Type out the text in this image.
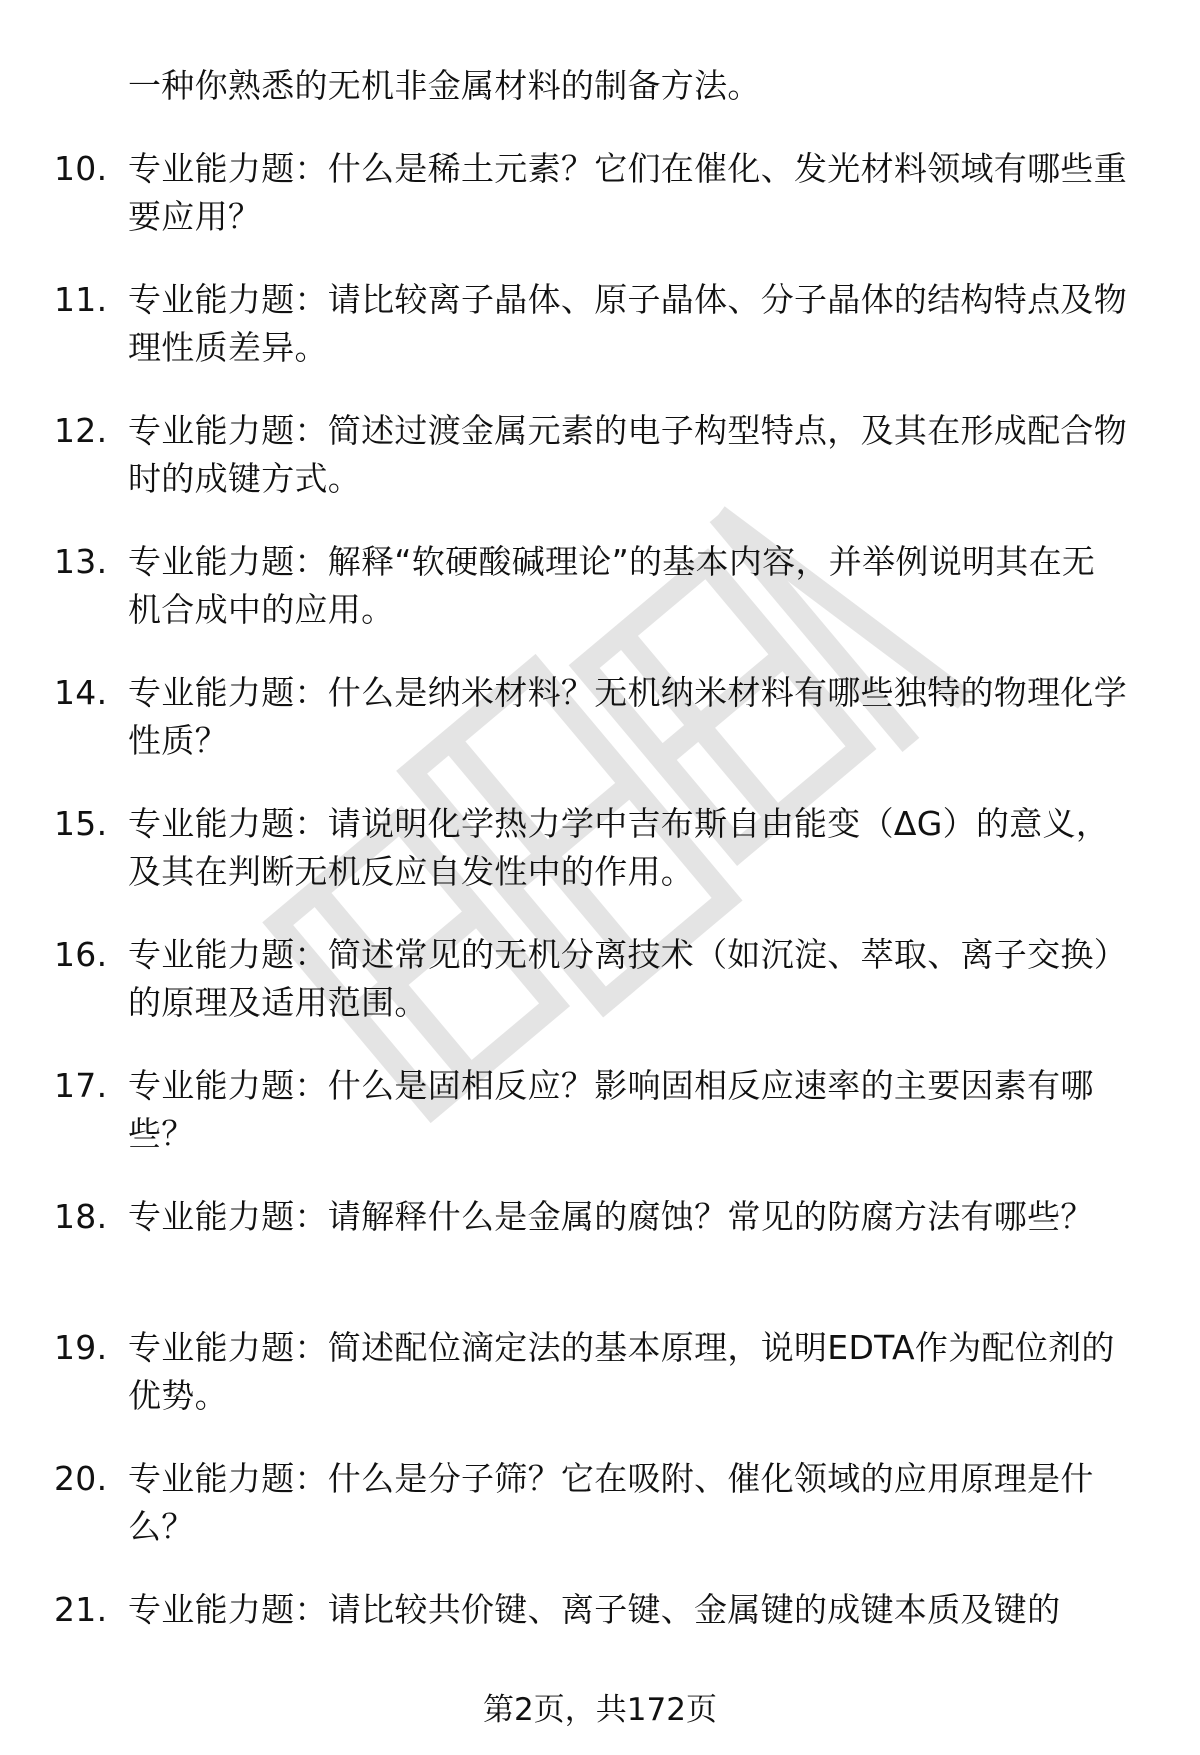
一种你熟悉的无机非金属材料的制备方法。
10. 专业能力题：什么是稀土元素？它们在催化、发光材料领域有哪些重要应用？
11. 专业能力题：请比较离子晶体、原子晶体、分子晶体的结构特点及物理性质差异。
12. 专业能力题：简述过渡金属元素的电子构型特点，及其在形成配合物时的成键方式。
13. 专业能力题：解释“软硬酸碱理论”的基本内容，并举例说明其在无机合成中的应用。
14. 专业能力题：什么是纳米材料？无机纳米材料有哪些独特的物理化学性质？
15. 专业能力题：请说明化学热力学中吉布斯自由能变（ΔG）的意义，及其在判断无机反应自发性中的作用。
16. 专业能力题：简述常见的无机分离技术（如沉淀、萃取、离子交换）的原理及适用范围。
17. 专业能力题：什么是固相反应？影响固相反应速率的主要因素有哪些？
18. 专业能力题：请解释什么是金属的腐蚀？常见的防腐方法有哪些？
19. 专业能力题：简述配位滴定法的基本原理，说明EDTA作为配位剂的优势。
20. 专业能力题：什么是分子筛？它在吸附、催化领域的应用原理是什么？
21. 专业能力题：请比较共价键、离子键、金属键的成键本质及键的
第2页，共172页
